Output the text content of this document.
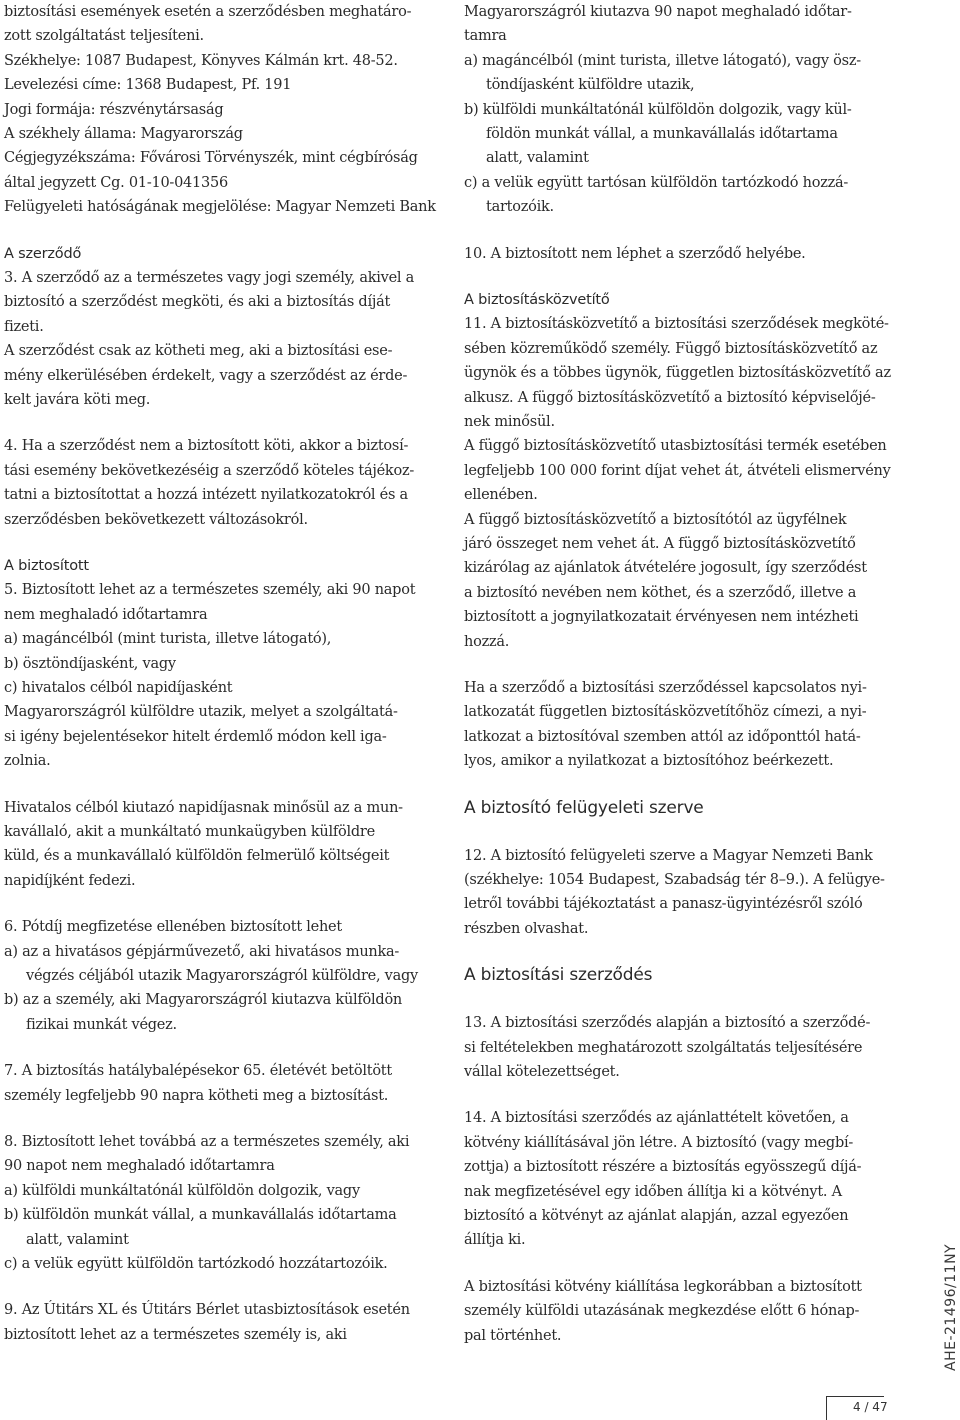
biztosítási események esetén a szerződésben meghatáro-
zott szolgáltatást teljesíteni.
Székhelye: 1087 Budapest, Könyves Kálmán krt. 48-52.
Levelezési címe: 1368 Budapest, Pf. 191
Jogi formája: részvénytársaság
A székhely állama: Magyarország
Cégjegyzékszáma: Fővárosi Törvényszék, mint cégbíróság
által jegyzett Cg. 01-10-041356
Felügyeleti hatóságának megjelölése: Magyar Nemzeti Bank
A szerződő
3. A szerződő az a természetes vagy jogi személy, akivel a
biztosító a szerződést megköti, és aki a biztosítás díját
fizeti.
A szerződést csak az kötheti meg, aki a biztosítási ese-
mény elkerülésében érdekelt, vagy a szerződést az érde-
kelt javára köti meg.
4. Ha a szerződést nem a biztosított köti, akkor a biztosí-
tási esemény bekövetkezéséig a szerződő köteles tájékoz-
tatni a biztosítottat a hozzá intézett nyilatkozatokról és a
szerződésben bekövetkezett változásokról.
A biztosított
5. Biztosított lehet az a természetes személy, aki 90 napot
nem meghaladó időtartamra
a) magáncélból (mint turista, illetve látogató),
b) ösztöndíjasként, vagy
c) hivatalos célból napidíjasként
Magyarországról külföldre utazik, melyet a szolgáltatá-
si igény bejelentésekor hitelt érdemlő módon kell iga-
zolnia.
Hivatalos célból kiutazó napidíjasnak minősül az a mun-
kavállaló, akit a munkáltató munkaügyben külföldre
küld, és a munkavállaló külföldön felmerülő költségeit
napidíjként fedezi.
6. Pótdíj megfizetése ellenében biztosított lehet
a) az a hivatásos gépjárművezető, aki hivatásos munka-
végzés céljából utazik Magyarországról külföldre, vagy
b) az a személy, aki Magyarországról kiutazva külföldön
fizikai munkát végez.
7. A biztosítás hatálybalépésekor 65. életévét betöltött
személy legfeljebb 90 napra kötheti meg a biztosítást.
8. Biztosított lehet továbbá az a természetes személy, aki
90 napot nem meghaladó időtartamra
a) külföldi munkáltatónál külföldön dolgozik, vagy
b) külföldön munkát vállal, a munkavállalás időtartama
alatt, valamint
c) a velük együtt külföldön tartózkodó hozzátartozóik.
9. Az Útitárs XL és Útitárs Bérlet utasbiztosítások esetén
biztosított lehet az a természetes személy is, aki
Magyarországról kiutazva 90 napot meghaladó időtar-
tamra
a) magáncélból (mint turista, illetve látogató), vagy ösz-
töndíjasként külföldre utazik,
b) külföldi munkáltatónál külföldön dolgozik, vagy kül-
földön munkát vállal, a munkavállalás időtartama
alatt, valamint
c) a velük együtt tartósan külföldön tartózkodó hozzá-
tartozóik.
10. A biztosított nem léphet a szerződő helyébe.
A biztosításközvetítő
11. A biztosításközvetítő a biztosítási szerződések megköté-
sében közreműködő személy. Függő biztosításközvetítő az
ügynök és a többes ügynök, független biztosításközvetítő az
alkusz. A függő biztosításközvetítő a biztosító képviselőjé-
nek minősül.
A függő biztosításközvetítő utasbiztosítási termék esetében
legfeljebb 100 000 forint díjat vehet át, átvételi elismervény
ellenében.
A függő biztosításközvetítő a biztosítótól az ügyfélnek
járó összeget nem vehet át. A függő biztosításközvetítő
kizárólag az ajánlatok átvételére jogosult, így szerződést
a biztosító nevében nem köthet, és a szerződő, illetve a
biztosított a jognyilatkozatait érvényesen nem intézheti
hozzá.
Ha a szerződő a biztosítási szerződéssel kapcsolatos nyi-
latkozatát független biztosításközvetítőhöz címezi, a nyi-
latkozat a biztosítóval szemben attól az időponttól hatá-
lyos, amikor a nyilatkozat a biztosítóhoz beérkezett.
A biztosító felügyeleti szerve
12. A biztosító felügyeleti szerve a Magyar Nemzeti Bank
(székhelye: 1054 Budapest, Szabadság tér 8–9.). A felügye-
letről további tájékoztatást a panasz-ügyintézésről szóló
részben olvashat.
A biztosítási szerződés
13. A biztosítási szerződés alapján a biztosító a szerződé-
si feltételekben meghatározott szolgáltatás teljesítésére
vállal kötelezettséget.
14. A biztosítási szerződés az ajánlattételt követően, a
kötvény kiállításával jön létre. A biztosító (vagy megbí-
zottja) a biztosított részére a biztosítás egyösszegű díjá-
nak megfizetésével egy időben állítja ki a kötvényt. A
biztosító a kötvényt az ajánlat alapján, azzal egyezően
állítja ki.
A biztosítási kötvény kiállítása legkorábban a biztosított
személy külföldi utazásának megkezdése előtt 6 hónap-
pal történhet.	AHE-21496/11NY
4 / 47
